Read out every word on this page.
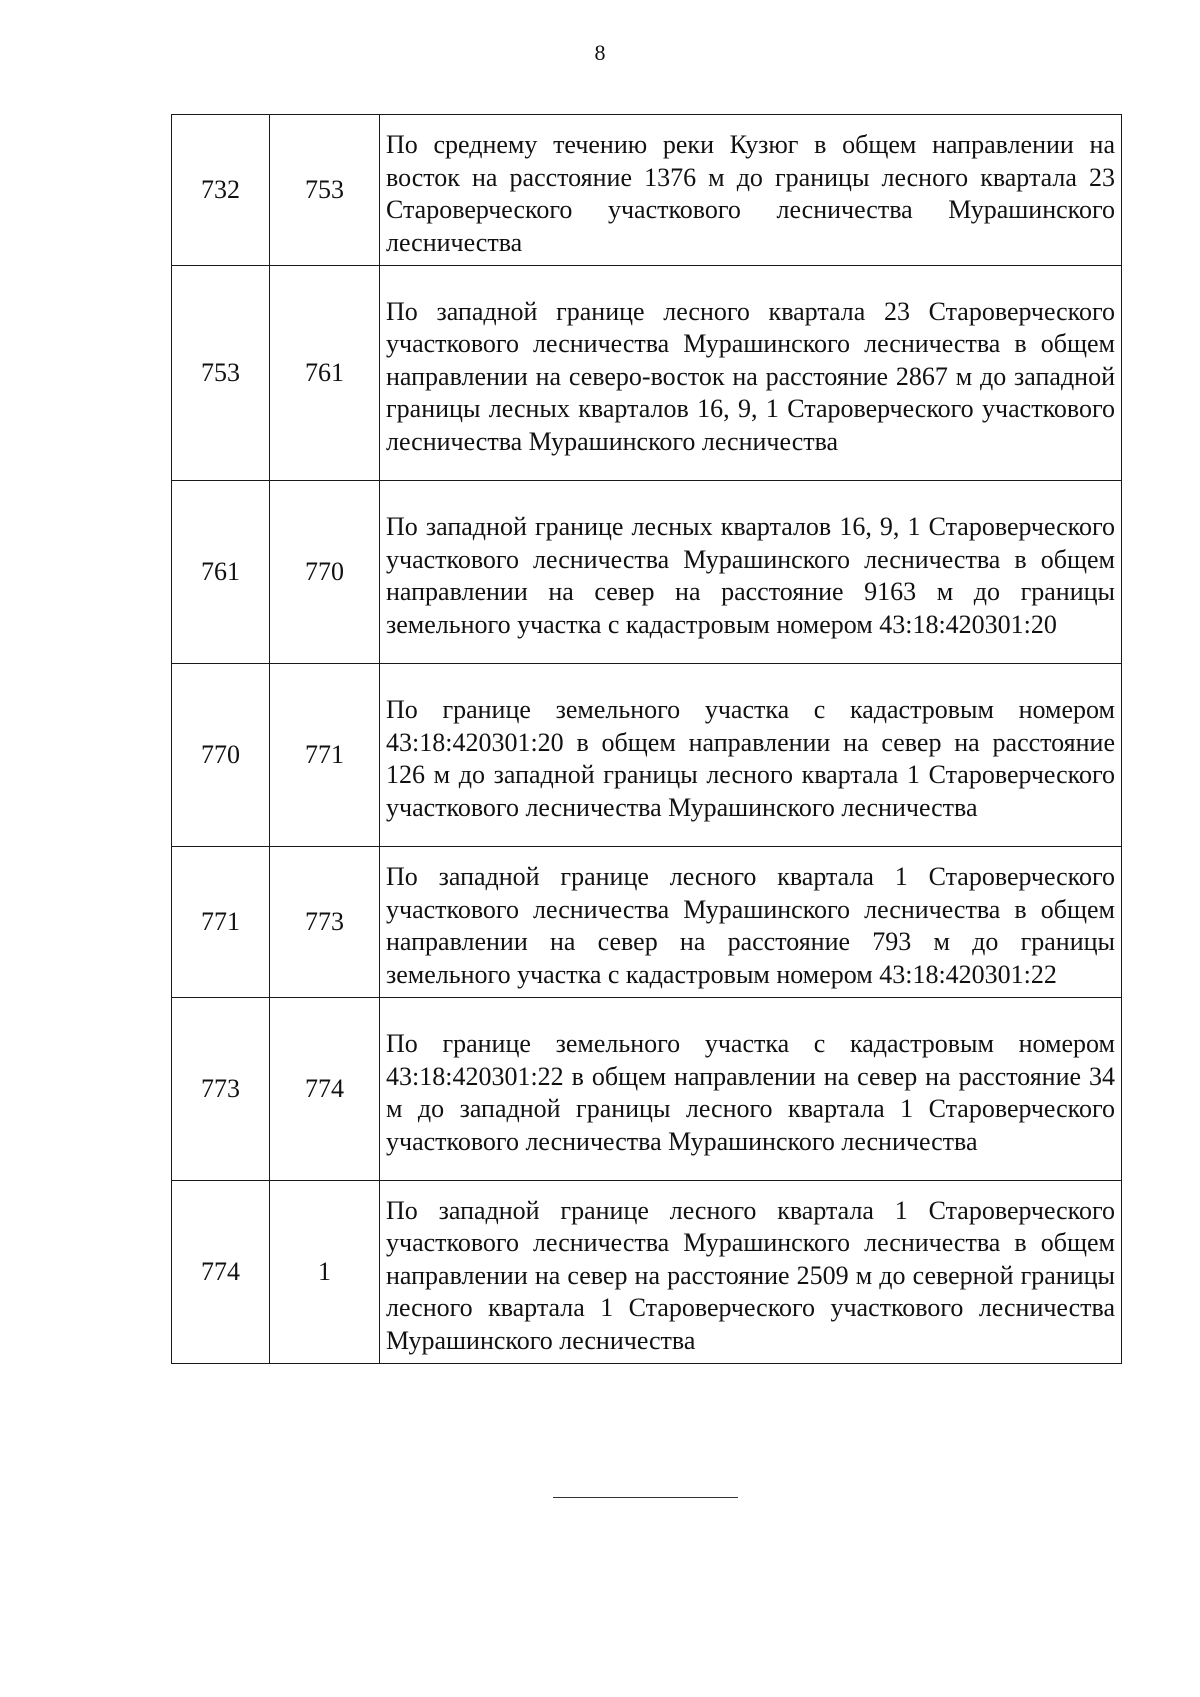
8
732	753	По среднему течению реки Кузюг в общем направлении на восток на расстояние 1376 м до границы лесного квартала 23 Староверческого участкового лесничества Мурашинского лесничества
753	761	По западной границе лесного квартала 23 Староверческого участкового лесничества Мурашинского лесничества в общем направлении на северо-восток на расстояние 2867 м до западной границы лесных кварталов 16, 9, 1 Староверческого участкового лесничества Мурашинского лесничества
761	770	По западной границе лесных кварталов 16, 9, 1 Староверческого участкового лесничества Мурашинского лесничества в общем направлении на север на расстояние 9163 м до границы земельного участка с кадастровым номером 43:18:420301:20
770	771	По границе земельного участка с кадастровым номером 43:18:420301:20 в общем направлении на север на расстояние 126 м до западной границы лесного квартала 1 Староверческого участкового лесничества Мурашинского лесничества
771	773	По западной границе лесного квартала 1 Староверческого участкового лесничества Мурашинского лесничества в общем направлении на север на расстояние 793 м до границы земельного участка с кадастровым номером 43:18:420301:22
773	774	По границе земельного участка с кадастровым номером 43:18:420301:22 в общем направлении на север на расстояние 34 м до западной границы лесного квартала 1 Староверческого участкового лесничества Мурашинского лесничества
774	1	По западной границе лесного квартала 1 Староверческого участкового лесничества Мурашинского лесничества в общем направлении на север на расстояние 2509 м до северной границы лесного квартала 1 Староверческого участкового лесничества Мурашинского лесничества
